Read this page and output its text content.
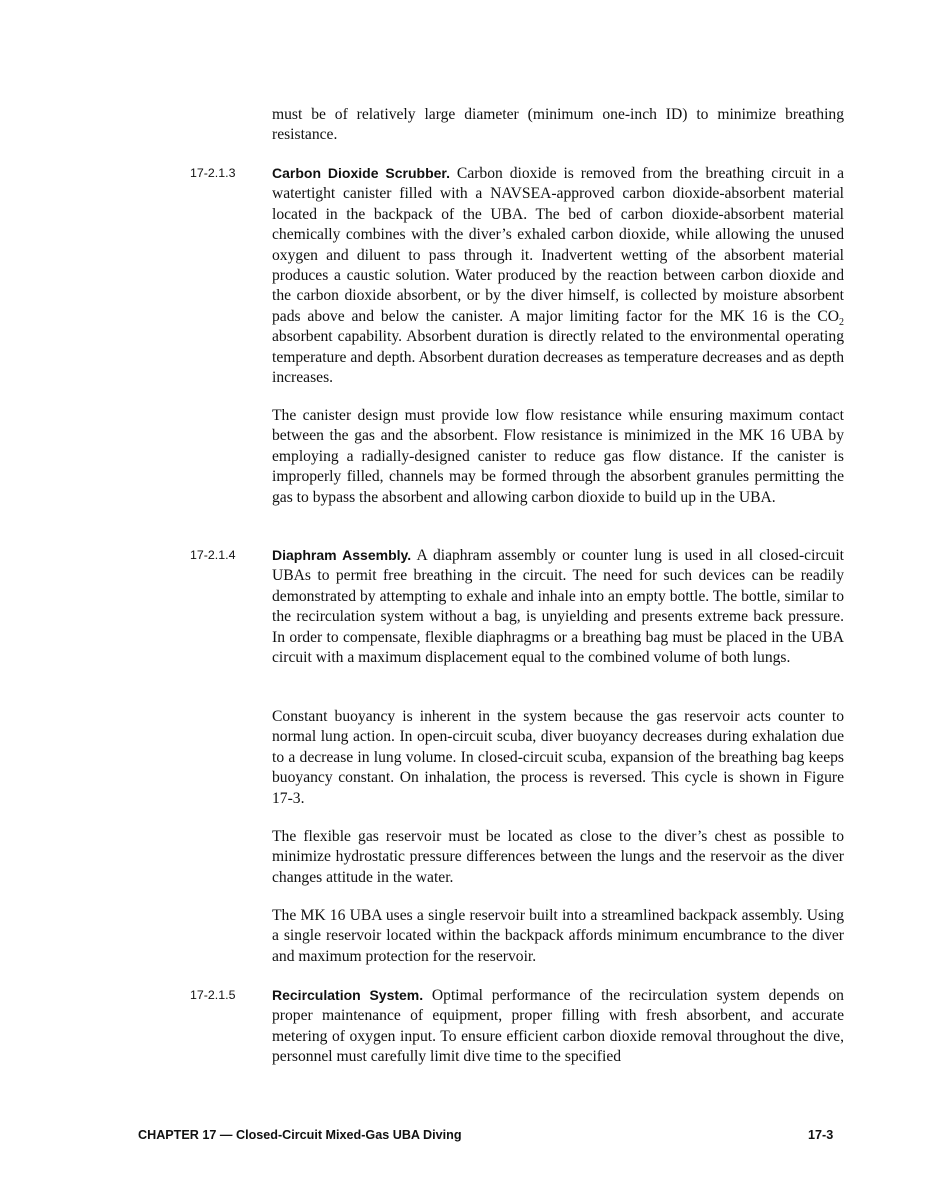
must be of relatively large diameter (minimum one-inch ID) to minimize breathing resistance.

17-2.1.3	Carbon Dioxide Scrubber. Carbon dioxide is removed from the breathing circuit in a watertight canister filled with a NAVSEA-approved carbon dioxide-absorbent material located in the backpack of the UBA. The bed of carbon dioxide-absorbent material chemically combines with the diver’s exhaled carbon dioxide, while allowing the unused oxygen and diluent to pass through it. Inadvertent wetting of the absorbent material produces a caustic solution. Water produced by the reaction between carbon dioxide and the carbon dioxide absorbent, or by the diver himself, is collected by moisture absorbent pads above and below the canister. A major limiting factor for the MK 16 is the $CO_2$ absorbent capability. Absorbent duration is directly related to the environmental operating temperature and depth. Absorbent duration decreases as temperature decreases and as depth increases.

The canister design must provide low flow resistance while ensuring maximum contact between the gas and the absorbent. Flow resistance is minimized in the MK 16 UBA by employing a radially-designed canister to reduce gas flow distance. If the canister is improperly filled, channels may be formed through the absorbent granules permitting the gas to bypass the absorbent and allowing carbon dioxide to build up in the UBA.

17-2.1.4	Diaphram Assembly. A diaphram assembly or counter lung is used in all closed-circuit UBAs to permit free breathing in the circuit. The need for such devices can be readily demonstrated by attempting to exhale and inhale into an empty bottle. The bottle, similar to the recirculation system without a bag, is unyielding and presents extreme back pressure. In order to compensate, flexible diaphragms or a breathing bag must be placed in the UBA circuit with a maximum displacement equal to the combined volume of both lungs.

Constant buoyancy is inherent in the system because the gas reservoir acts counter to normal lung action. In open-circuit scuba, diver buoyancy decreases during exhalation due to a decrease in lung volume. In closed-circuit scuba, expansion of the breathing bag keeps buoyancy constant. On inhalation, the process is reversed. This cycle is shown in Figure 17-3.

The flexible gas reservoir must be located as close to the diver’s chest as possible to minimize hydrostatic pressure differences between the lungs and the reservoir as the diver changes attitude in the water.

The MK 16 UBA uses a single reservoir built into a streamlined backpack assembly. Using a single reservoir located within the backpack affords minimum encumbrance to the diver and maximum protection for the reservoir.

17-2.1.5	Recirculation System. Optimal performance of the recirculation system depends on proper maintenance of equipment, proper filling with fresh absorbent, and accurate metering of oxygen input. To ensure efficient carbon dioxide removal throughout the dive, personnel must carefully limit dive time to the specified

CHAPTER 17 — Closed-Circuit Mixed-Gas UBA Diving	17-3
